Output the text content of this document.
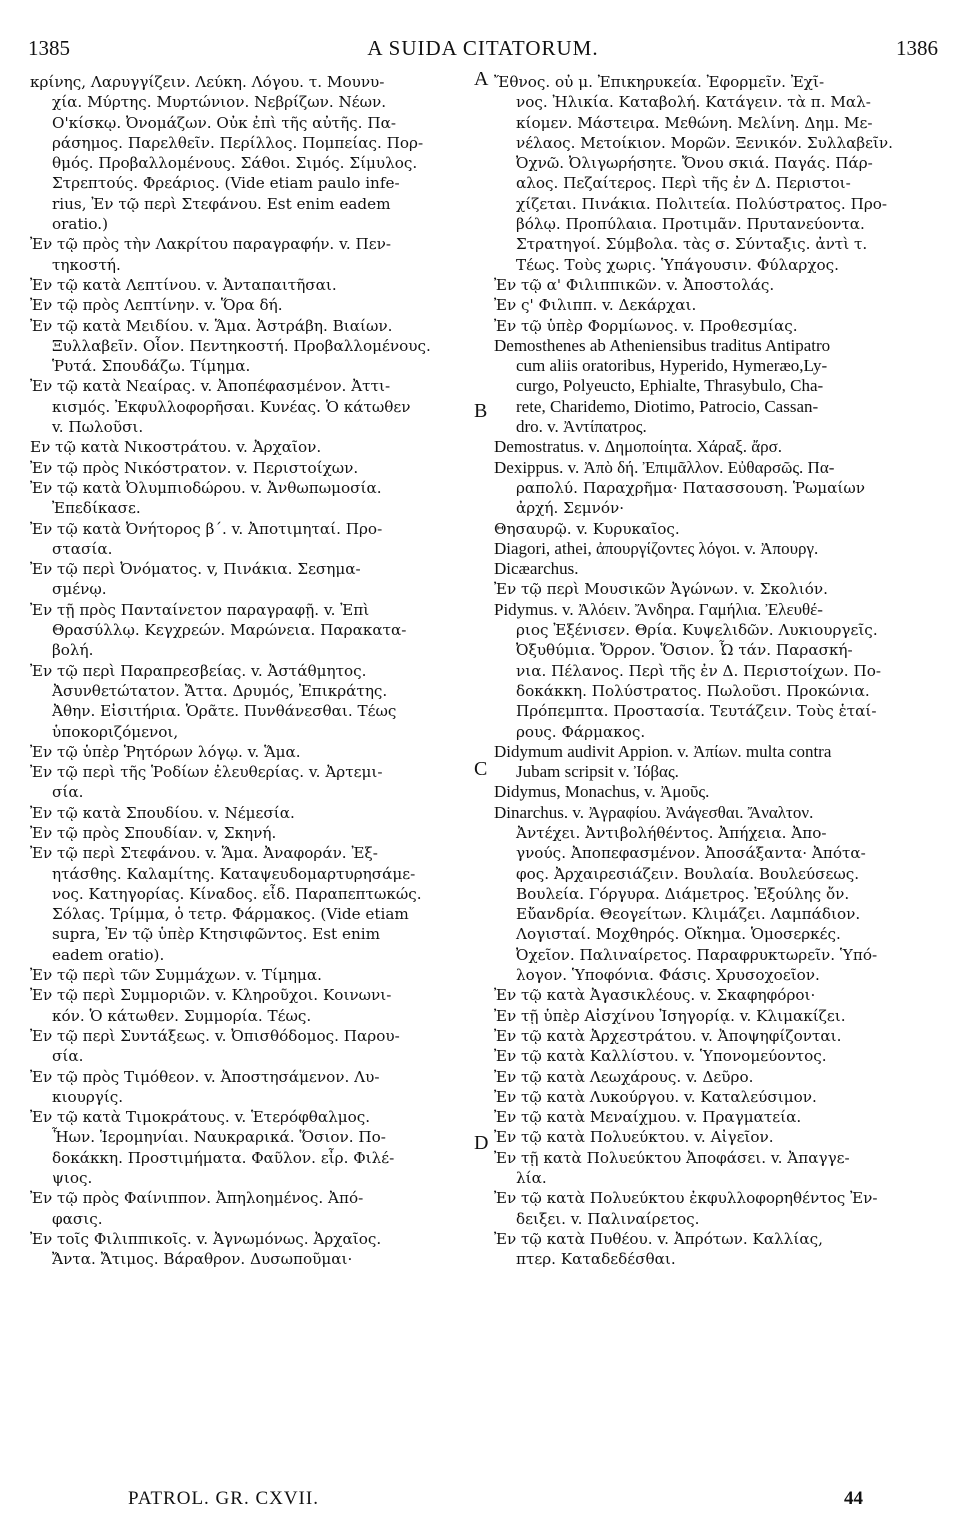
1385	A SUIDA CITATORUM.	1386
κρίνης, Λαρυγγίζειν. Λεύκη. Λόγου. τ. Μουνυ-
χία. Μύρτης. Μυρτώνιον. Νεβρίζων. Νέων.
Ο'κίσκῳ. Ὀνομάζων. Οὐκ ἐπὶ τῆς αὐτῆς. Πα-
ράσημος. Παρελθεῖν. Περίλλος. Πομπείας. Πορ-
θμός. Προβαλλομένους. Σάθοι. Σιμός. Σίμυλος.
Στρεπτούς. Φρεάριος. (Vide etiam paulo infe-
rius, Ἐν τῷ περὶ Στεφάνου. Est enim eadem
oratio.)
Ἐν τῷ πρὸς τὴν Λακρίτου παραγραφήν. v. Πεν-
τηκοστή.
Ἐν τῷ κατὰ Λεπτίνου. v. Ἀνταπαιτῆσαι.
Ἐν τῷ πρὸς Λεπτίνην. v. Ὅρα δή.
Ἐν τῷ κατὰ Μειδίου. v. Ἅμα. Ἀστράβη. Βιαίων.
Ξυλλαβεῖν. Οἷον. Πεντηκοστή. Προβαλλομένους.
Ῥυτά. Σπουδάζω. Τίμημα.
Ἐν τῷ κατὰ Νεαίρας. v. Ἀποπέφασμένον. Ἀττι-
κισμός. Ἐκφυλλοφορῆσαι. Κυνέας. Ὁ κάτωθεν
v. Πωλοῦσι.
Εν τῷ κατὰ Νικοστράτου. v. Ἀρχαῖον.
Ἐν τῷ πρὸς Νικόστρατον. v. Περιστοίχων.
Ἐν τῷ κατὰ Ὀλυμπιοδώρου. v. Ἀνθωπωμοσία.
Ἐπεδίκασε.
Ἐν τῷ κατὰ Ὀνήτορος β΄. v. Ἀποτιμηταί. Προ-
στασία.
Ἐν τῷ περὶ Ὀνόματος. v, Πινάκια. Σεσημα-
σμένῳ.
Ἐν τῇ πρὸς Πανταίνετον παραγραφῇ. v. Ἐπὶ
Θρασύλλῳ. Κεγχρεών. Μαρώνεια. Παρακατα-
βολή.
Ἐν τῷ περὶ Παραπρεσβείας. v. Ἀστάθμητος.
Ἀσυνθετώτατον. Ἄττα. Δρυμός, Ἐπικράτης.
Ἀθην. Εἰσιτήρια. Ὁρᾶτε. Πυνθάνεσθαι. Τέως
ὑποκοριζόμενοι,
Ἐν τῷ ὑπὲρ Ῥητόρων λόγῳ. v. Ἅμα.
Ἐν τῷ περὶ τῆς Ῥοδίων ἐλευθερίας. v. Ἀρτεμι-
σία.
Ἐν τῷ κατὰ Σπουδίου. v. Νέμεσία.
Ἐν τῷ πρὸς Σπουδίαν. v, Σκηνή.
Ἐν τῷ περὶ Στεφάνου. v. Ἅμα. Ἀναφοράν. Ἐξ-
ητάσθης. Καλαμίτης. Καταψευδομαρτυρησάμε-
νος. Κατηγορίας. Κίναδος. εἶδ. Παραπεπτωκώς.
Σόλας. Τρίμμα, ὁ τετρ. Φάρμακος. (Vide etiam
supra, Ἐν τῷ ὑπὲρ Κτησιφῶντος. Est enim
eadem oratio).
Ἐν τῷ περὶ τῶν Συμμάχων. v. Τίμημα.
Ἐν τῷ περὶ Συμμοριῶν. v. Κληροῦχοι. Κοινωνι-
κόν. Ὁ κάτωθεν. Συμμορία. Τέως.
Ἐν τῷ περὶ Συντάξεως. v. Ὀπισθόδομος. Παρου-
σία.
Ἐν τῷ πρὸς Τιμόθεον. v. Ἀποστησάμενον. Λυ-
κιουργίς.
Ἐν τῷ κατὰ Τιμοκράτους. v. Ἑτερόφθαλμος.
Ἧων. Ἱερομηνίαι. Ναυκραρικά. Ὅσιον. Πο-
δοκάκκη. Προστιμήματα. Φαῦλον. εἶρ. Φιλέ-
ψιος.
Ἐν τῷ πρὸς Φαίνιππον. Ἀπηλοημένος. Ἀπό-
φασις.
Ἐν τοῖς Φιλιππικοῖς. v. Ἀγνωμόνως. Ἀρχαῖος.
Ἄντα. Ἄτιμος. Βάραθρον. Δυσωποῦμαι·
Ἔθνος. οὐ μ. Ἐπικηρυκεία. Ἐφορμεῖν. Ἐχῖ-
νος. Ἠλικία. Καταβολή. Κατάγειν. τὰ π. Μαλ-
κίομεν. Μάστειρα. Μεθώνη. Μελίνη. Δημ. Με-
νέλαος. Μετοίκιον. Μορῶν. Ξενικόν. Συλλαβεῖν.
Ὀχνῶ. Ὀλιγωρήσητε. Ὄνου σκιά. Παγάς. Πάρ-
αλος. Πεζαίτερος. Περὶ τῆς ἐν Δ. Περιστοι-
χίζεται. Πινάκια. Πολιτεία. Πολύστρατος. Προ-
βόλῳ. Προπύλαια. Προτιμᾶν. Πρυτανεύοντα.
Στρατηγοί. Σύμβολα. τὰς σ. Σύνταξις. ἀντὶ τ.
Τέως. Τοὺς χωρις. Ὑπάγουσιν. Φύλαρχος.
Ἐν τῷ α' Φιλιππικῶν. v. Ἀποστολάς.
Ἐν ς' Φιλιππ. v. Δεκάρχαι.
Ἐν τῷ ὑπὲρ Φορμίωνος. v. Προθεσμίας.
Demosthenes ab Atheniensibus traditus Antipatro
cum aliis oratoribus, Hyperido, Hymeræo,Ly-
curgo, Polyeucto, Ephialte, Thrasybulo, Cha-
rete, Charidemo, Diotimo, Patrocio, Cassan-
dro. v. Ἀντίπατρος.
Demostratus. v. Δημοποίητα. Χάραξ. ἄρσ.
Dexippus. v. Ἀπὸ δή. Ἐπιμᾶλλον. Εὐθαρσῶς. Πα-
ραπολύ. Παραχρῆμα· Πατασσουση. Ῥωμαίων
ἀρχή. Σεμνόν·
Θησαυρῷ. v. Κυρυκαῖος.
Diagori, athei, ἀπουργίζοντες λόγοι. v. Ἀπουργ.
Dicæarchus.
Ἐν τῷ περὶ Μουσικῶν Ἀγώνων. v. Σκολιόν.
Pidymus. v. Ἀλόειν. Ἄνδηρα. Γαμήλια. Ἐλευθέ-
ριος Ἐξένισεν. Θρία. Κυψελιδῶν. Λυκιουργεῖς.
Ὀξυθύμια. Ὄρρον. Ὅσιον. Ὦ τάν. Παρασκή-
νια. Πέλανος. Περὶ τῆς ἐν Δ. Περιστοίχων. Πο-
δοκάκκη. Πολύστρατος. Πωλοῦσι. Προκώνια.
Πρόπεμπτα. Προστασία. Τευτάζειν. Τοὺς ἑταί-
ρους. Φάρμακος.
Didymum audivit Appion. v. Ἀπίων. multa contra
Jubam scripsit v. Ἰόβας.
Didymus, Monachus, v. Ἀμοῦς.
Dinarchus. v. Ἀγραφίου. Ἀνάγεσθαι. Ἄναλτον.
Ἀντέχει. Ἀντιβολήθέντος. Ἀπήχεια. Ἀπο-
γνούς. Ἀποπεφασμένον. Ἀποσάξαντα· Ἀπότα-
φος. Ἀρχαιρεσιάζειν. Βουλαία. Βουλεύσεως.
Βουλεία. Γόργυρα. Διάμετρος. Ἐξούλης ὄν.
Εὔανδρία. Θεογείτων. Κλιμάζει. Λαμπάδιον.
Λογισταί. Μοχθηρός. Οἴκημα. Ὁμοσερκές.
Ὀχεῖον. Παλιναίρετος. Παραφρυκτωρεῖν. Ὑπό-
λογον. Ὑποφόνια. Φάσις. Χρυσοχοεῖον.
Ἐν τῷ κατὰ Ἀγασικλέους. v. Σκαφηφόροι·
Ἐν τῇ ὑπὲρ Αἰσχίνου Ἰσηγορίᾳ. v. Κλιμακίζει.
Ἐν τῷ κατὰ Ἀρχεστράτου. v. Ἀποψηφίζονται.
Ἐν τῷ κατὰ Καλλίστου. v. Ὑπονομεύοντος.
Ἐν τῷ κατὰ Λεωχάρους. v. Δεῦρο.
Ἐν τῷ κατὰ Λυκούργου. v. Καταλεύσιμον.
Ἐν τῷ κατὰ Μεναίχμου. v. Πραγματεία.
Ἐν τῷ κατὰ Πολυεύκτου. v. Αἰγεῖον.
Ἐν τῇ κατὰ Πολυεύκτου Ἀποφάσει. v. Ἀπαγγε-
λία.
Ἐν τῷ κατὰ Πολυεύκτου ἐκφυλλοφορηθέντος Ἐν-
δειξει. v. Παλιναίρετος.
Ἐν τῷ κατὰ Πυθέου. v. Ἀπρότων. Καλλίας,
πτερ. Καταδεδέσθαι.
A
B
C
D
PATROL. GR. CXVII.	44
